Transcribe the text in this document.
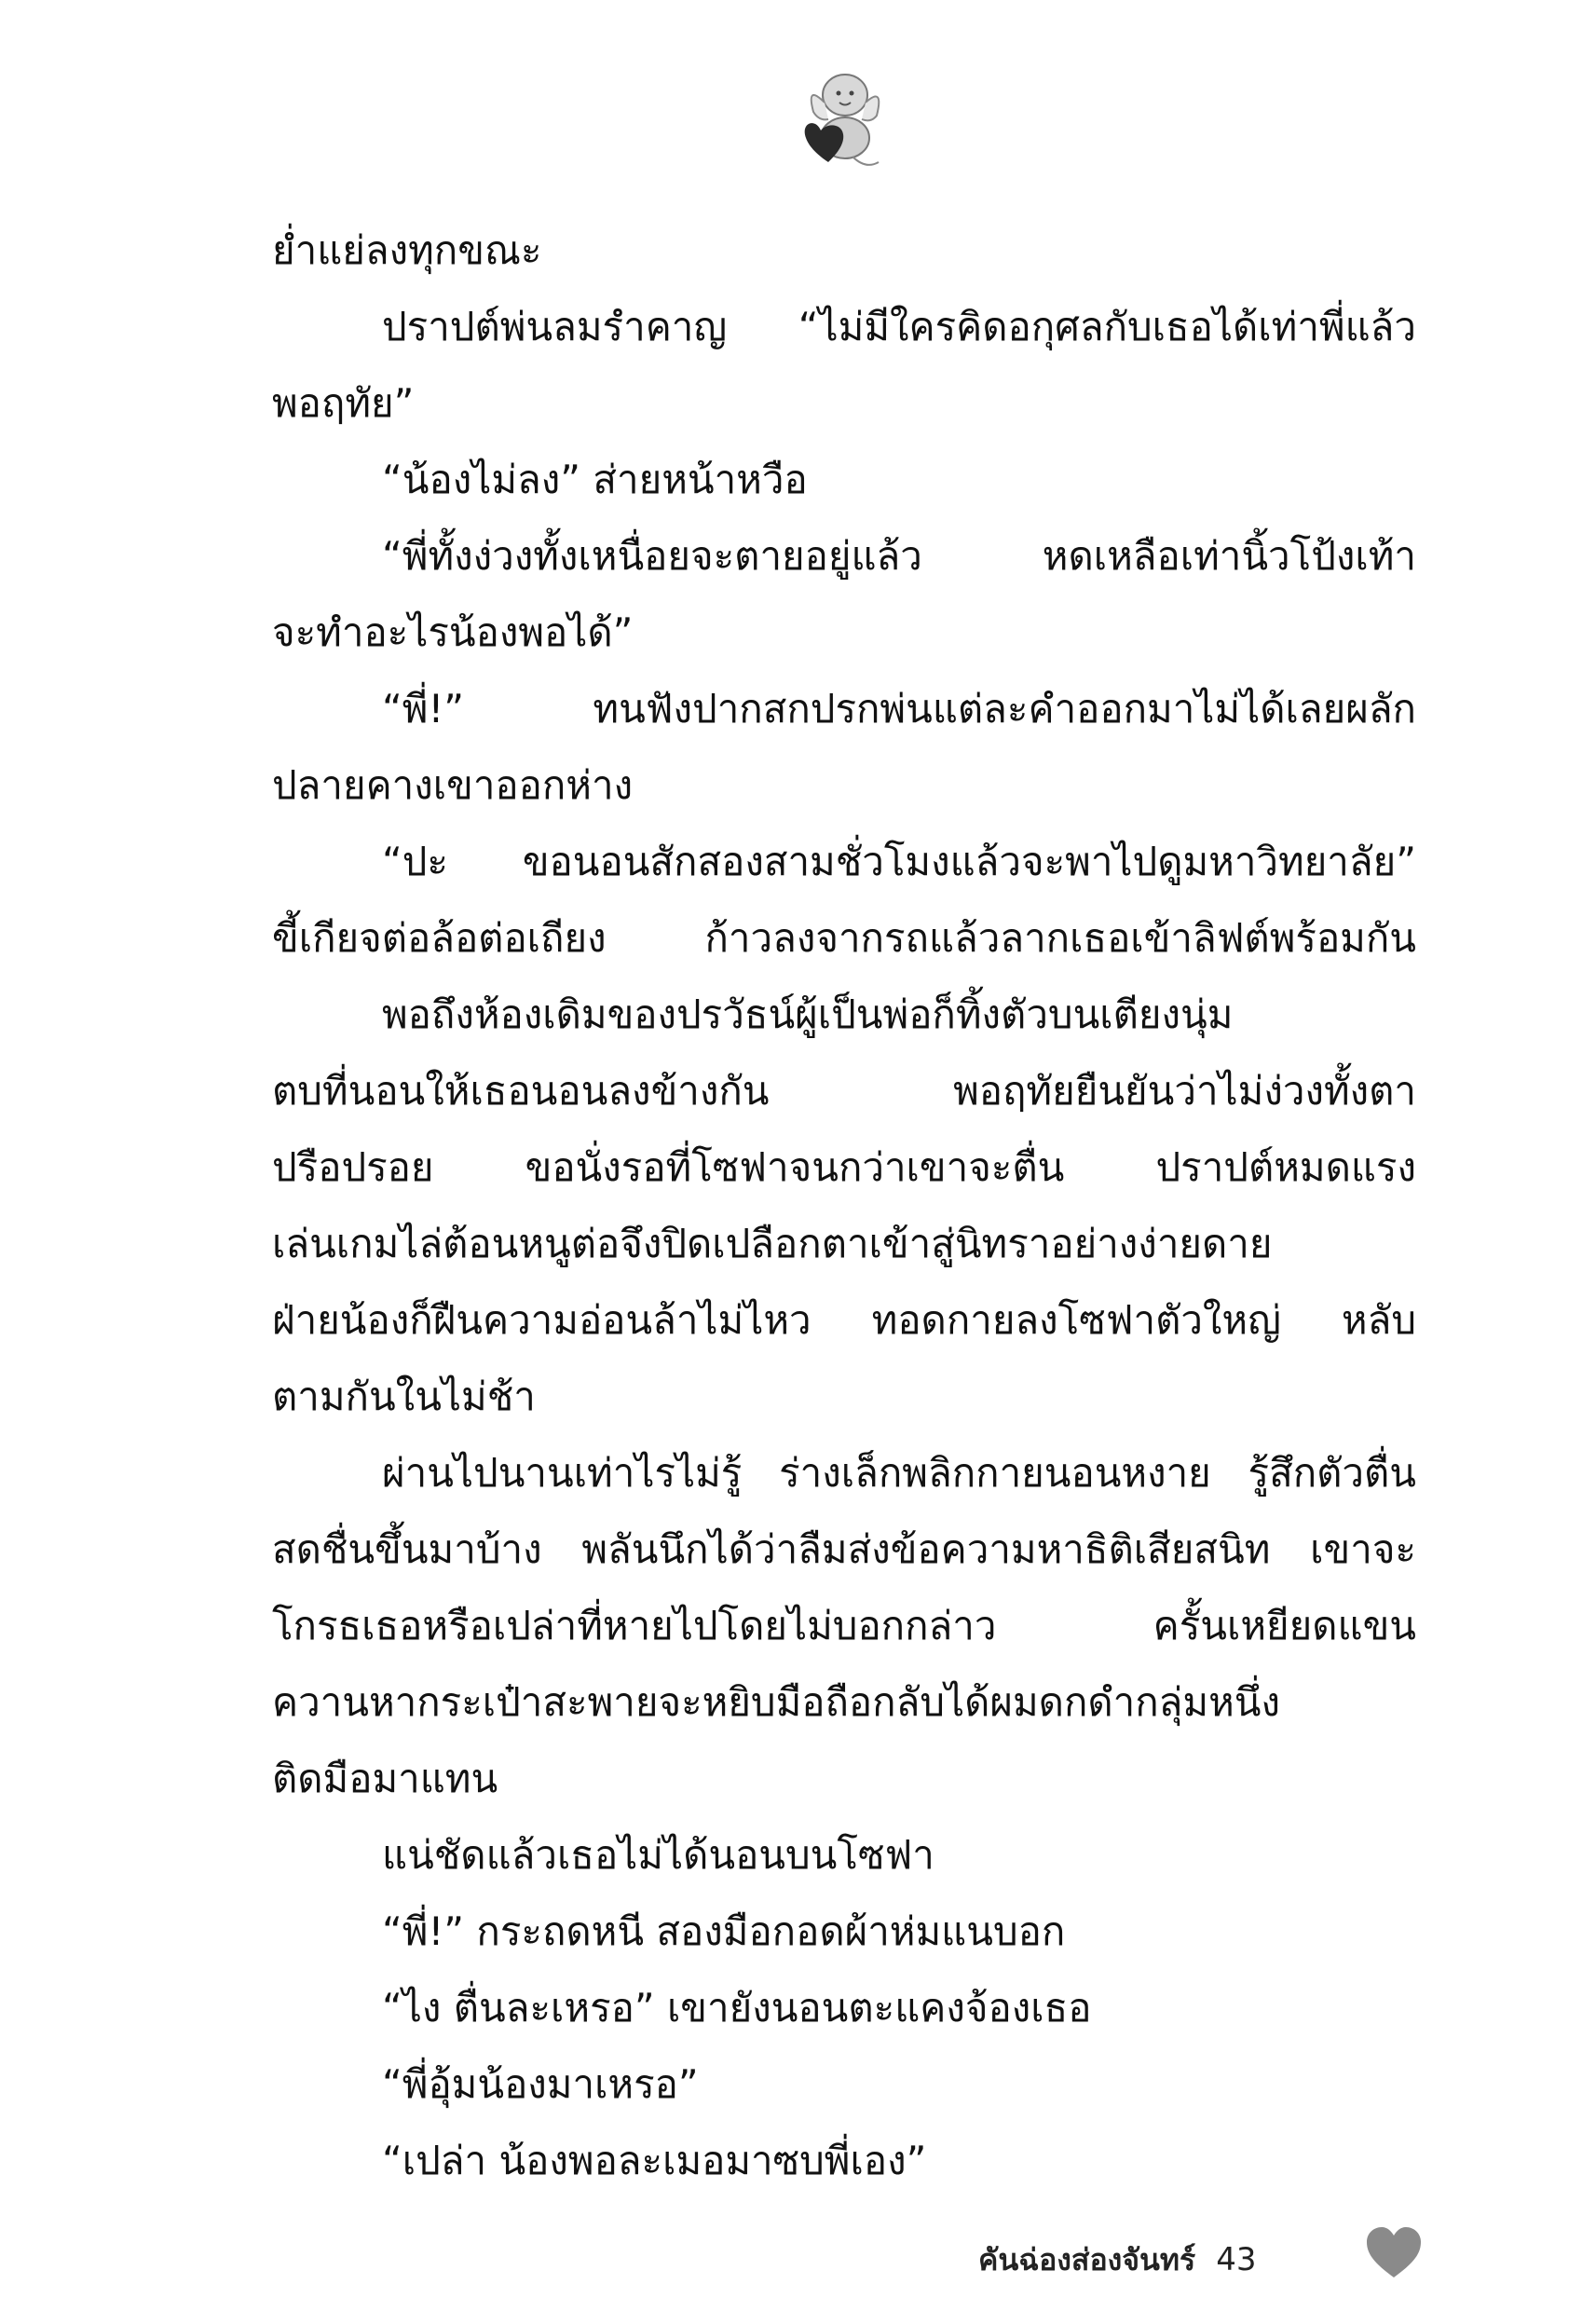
ย่ำแย่ลงทุกขณะ
ปราปต์พ่นลมรำคาญ “ไม่มีใครคิดอกุศลกับเธอได้เท่าพี่แล้ว
พอฤทัย”
“น้องไม่ลง” ส่ายหน้าหวือ
“พี่ทั้งง่วงทั้งเหนื่อยจะตายอยู่แล้ว หดเหลือเท่านิ้วโป้งเท้า
จะทำอะไรน้องพอได้”
“พี่!” ทนฟังปากสกปรกพ่นแต่ละคำออกมาไม่ได้เลยผลัก
ปลายคางเขาออกห่าง
“ปะ ขอนอนสักสองสามชั่วโมงแล้วจะพาไปดูมหาวิทยาลัย”
ขี้เกียจต่อล้อต่อเถียง ก้าวลงจากรถแล้วลากเธอเข้าลิฟต์พร้อมกัน
พอถึงห้องเดิมของปรวัธน์ผู้เป็นพ่อก็ทิ้งตัวบนเตียงนุ่ม
ตบที่นอนให้เธอนอนลงข้างกัน พอฤทัยยืนยันว่าไม่ง่วงทั้งตา
ปรือปรอย ขอนั่งรอที่โซฟาจนกว่าเขาจะตื่น ปราปต์หมดแรง
เล่นเกมไล่ต้อนหนูต่อจึงปิดเปลือกตาเข้าสู่นิทราอย่างง่ายดาย
ฝ่ายน้องก็ฝืนความอ่อนล้าไม่ไหว ทอดกายลงโซฟาตัวใหญ่ หลับ
ตามกันในไม่ช้า
ผ่านไปนานเท่าไรไม่รู้ ร่างเล็กพลิกกายนอนหงาย รู้สึกตัวตื่น
สดชื่นขึ้นมาบ้าง พลันนึกได้ว่าลืมส่งข้อความหาธิติเสียสนิท เขาจะ
โกรธเธอหรือเปล่าที่หายไปโดยไม่บอกกล่าว ครั้นเหยียดแขน
ควานหากระเป๋าสะพายจะหยิบมือถือกลับได้ผมดกดำกลุ่มหนึ่ง
ติดมือมาแทน
แน่ชัดแล้วเธอไม่ได้นอนบนโซฟา
“พี่!” กระถดหนี สองมือกอดผ้าห่มแนบอก
“ไง ตื่นละเหรอ” เขายังนอนตะแคงจ้องเธอ
“พี่อุ้มน้องมาเหรอ”
“เปล่า น้องพอละเมอมาซบพี่เอง”
คันฉ่องส่องจันทร์ 43
